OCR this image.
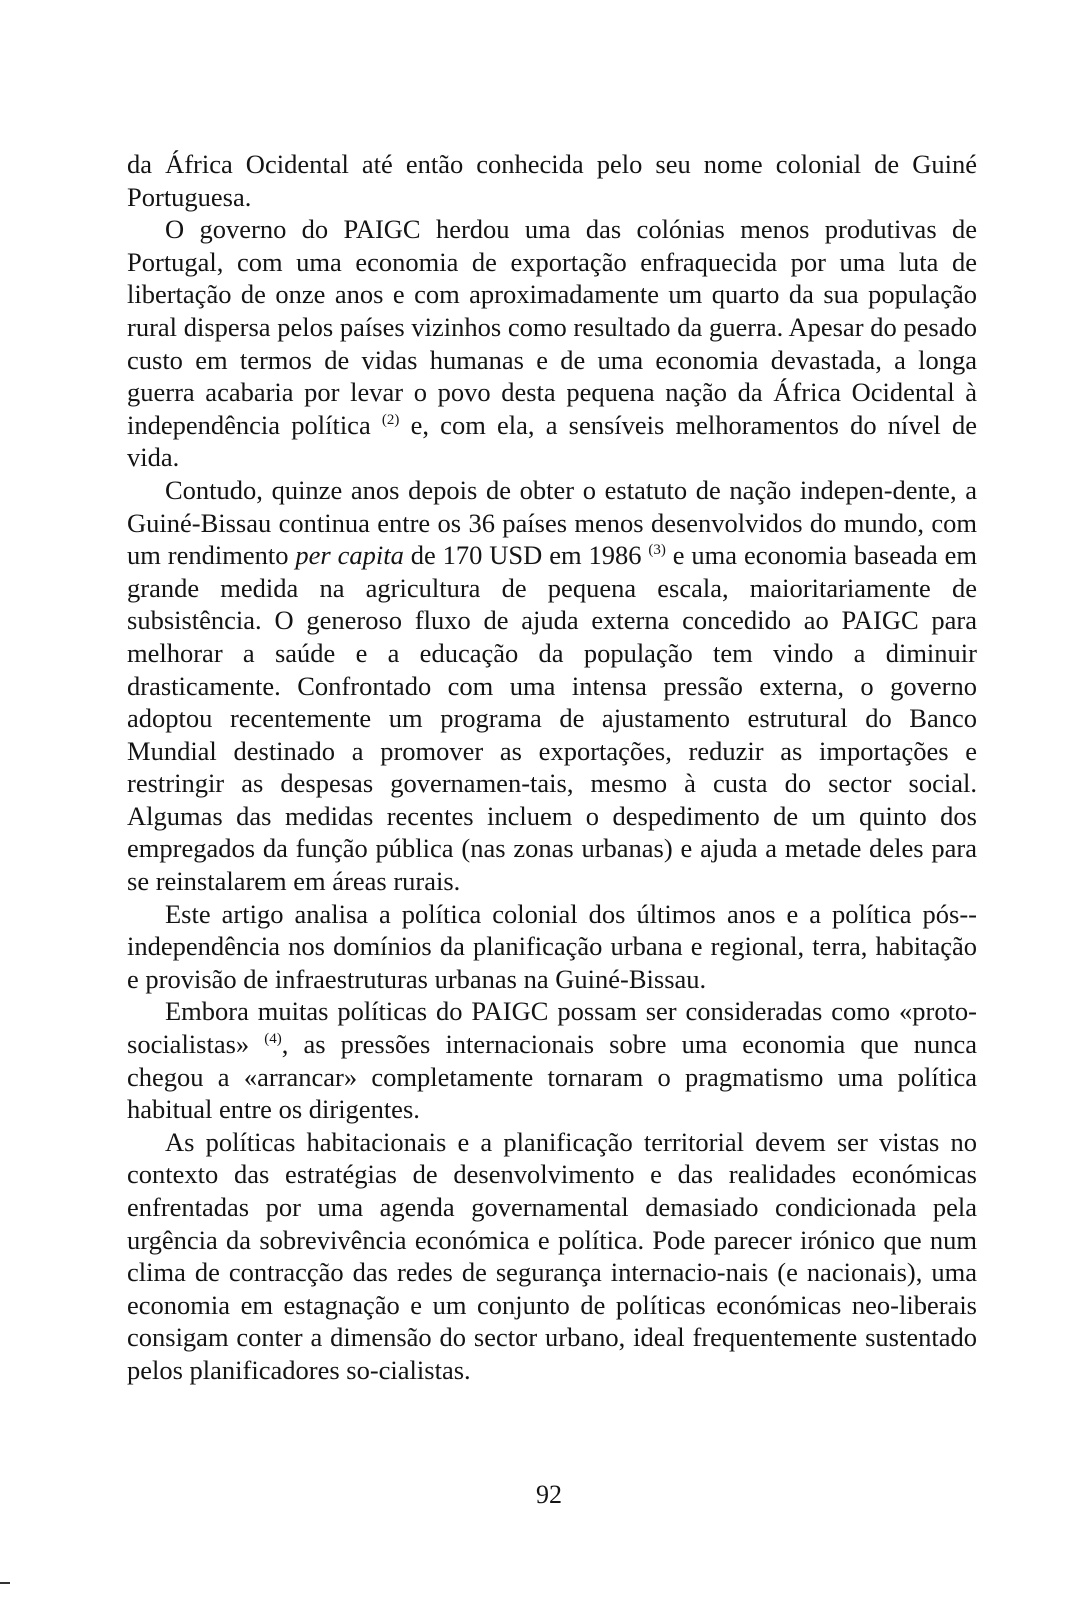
da África Ocidental até então conhecida pelo seu nome colonial de Guiné Portuguesa.

O governo do PAIGC herdou uma das colónias menos produtivas de Portugal, com uma economia de exportação enfraquecida por uma luta de libertação de onze anos e com aproximadamente um quarto da sua população rural dispersa pelos países vizinhos como resultado da guerra. Apesar do pesado custo em termos de vidas humanas e de uma economia devastada, a longa guerra acabaria por levar o povo desta pequena nação da África Ocidental à independência política $^{(2)}$ e, com ela, a sensíveis melhoramentos do nível de vida.

Contudo, quinze anos depois de obter o estatuto de nação indepen-dente, a Guiné-Bissau continua entre os 36 países menos desenvolvidos do mundo, com um rendimento per capita de 170 USD em 1986 $^{(3)}$ e uma economia baseada em grande medida na agricultura de pequena escala, maioritariamente de subsistência. O generoso fluxo de ajuda externa concedido ao PAIGC para melhorar a saúde e a educação da população tem vindo a diminuir drasticamente. Confrontado com uma intensa pressão externa, o governo adoptou recentemente um programa de ajustamento estrutural do Banco Mundial destinado a promover as exportações, reduzir as importações e restringir as despesas governamen-tais, mesmo à custa do sector social. Algumas das medidas recentes incluem o despedimento de um quinto dos empregados da função pública (nas zonas urbanas) e ajuda a metade deles para se reinstalarem em áreas rurais.

Este artigo analisa a política colonial dos últimos anos e a política pós--independência nos domínios da planificação urbana e regional, terra, habitação e provisão de infraestruturas urbanas na Guiné-Bissau.

Embora muitas políticas do PAIGC possam ser consideradas como «proto-socialistas» $^{(4)}$, as pressões internacionais sobre uma economia que nunca chegou a «arrancar» completamente tornaram o pragmatismo uma política habitual entre os dirigentes.

As políticas habitacionais e a planificação territorial devem ser vistas no contexto das estratégias de desenvolvimento e das realidades económicas enfrentadas por uma agenda governamental demasiado condicionada pela urgência da sobrevivência económica e política. Pode parecer irónico que num clima de contracção das redes de segurança internacio-nais (e nacionais), uma economia em estagnação e um conjunto de políticas económicas neo-liberais consigam conter a dimensão do sector urbano, ideal frequentemente sustentado pelos planificadores so-cialistas.

92
